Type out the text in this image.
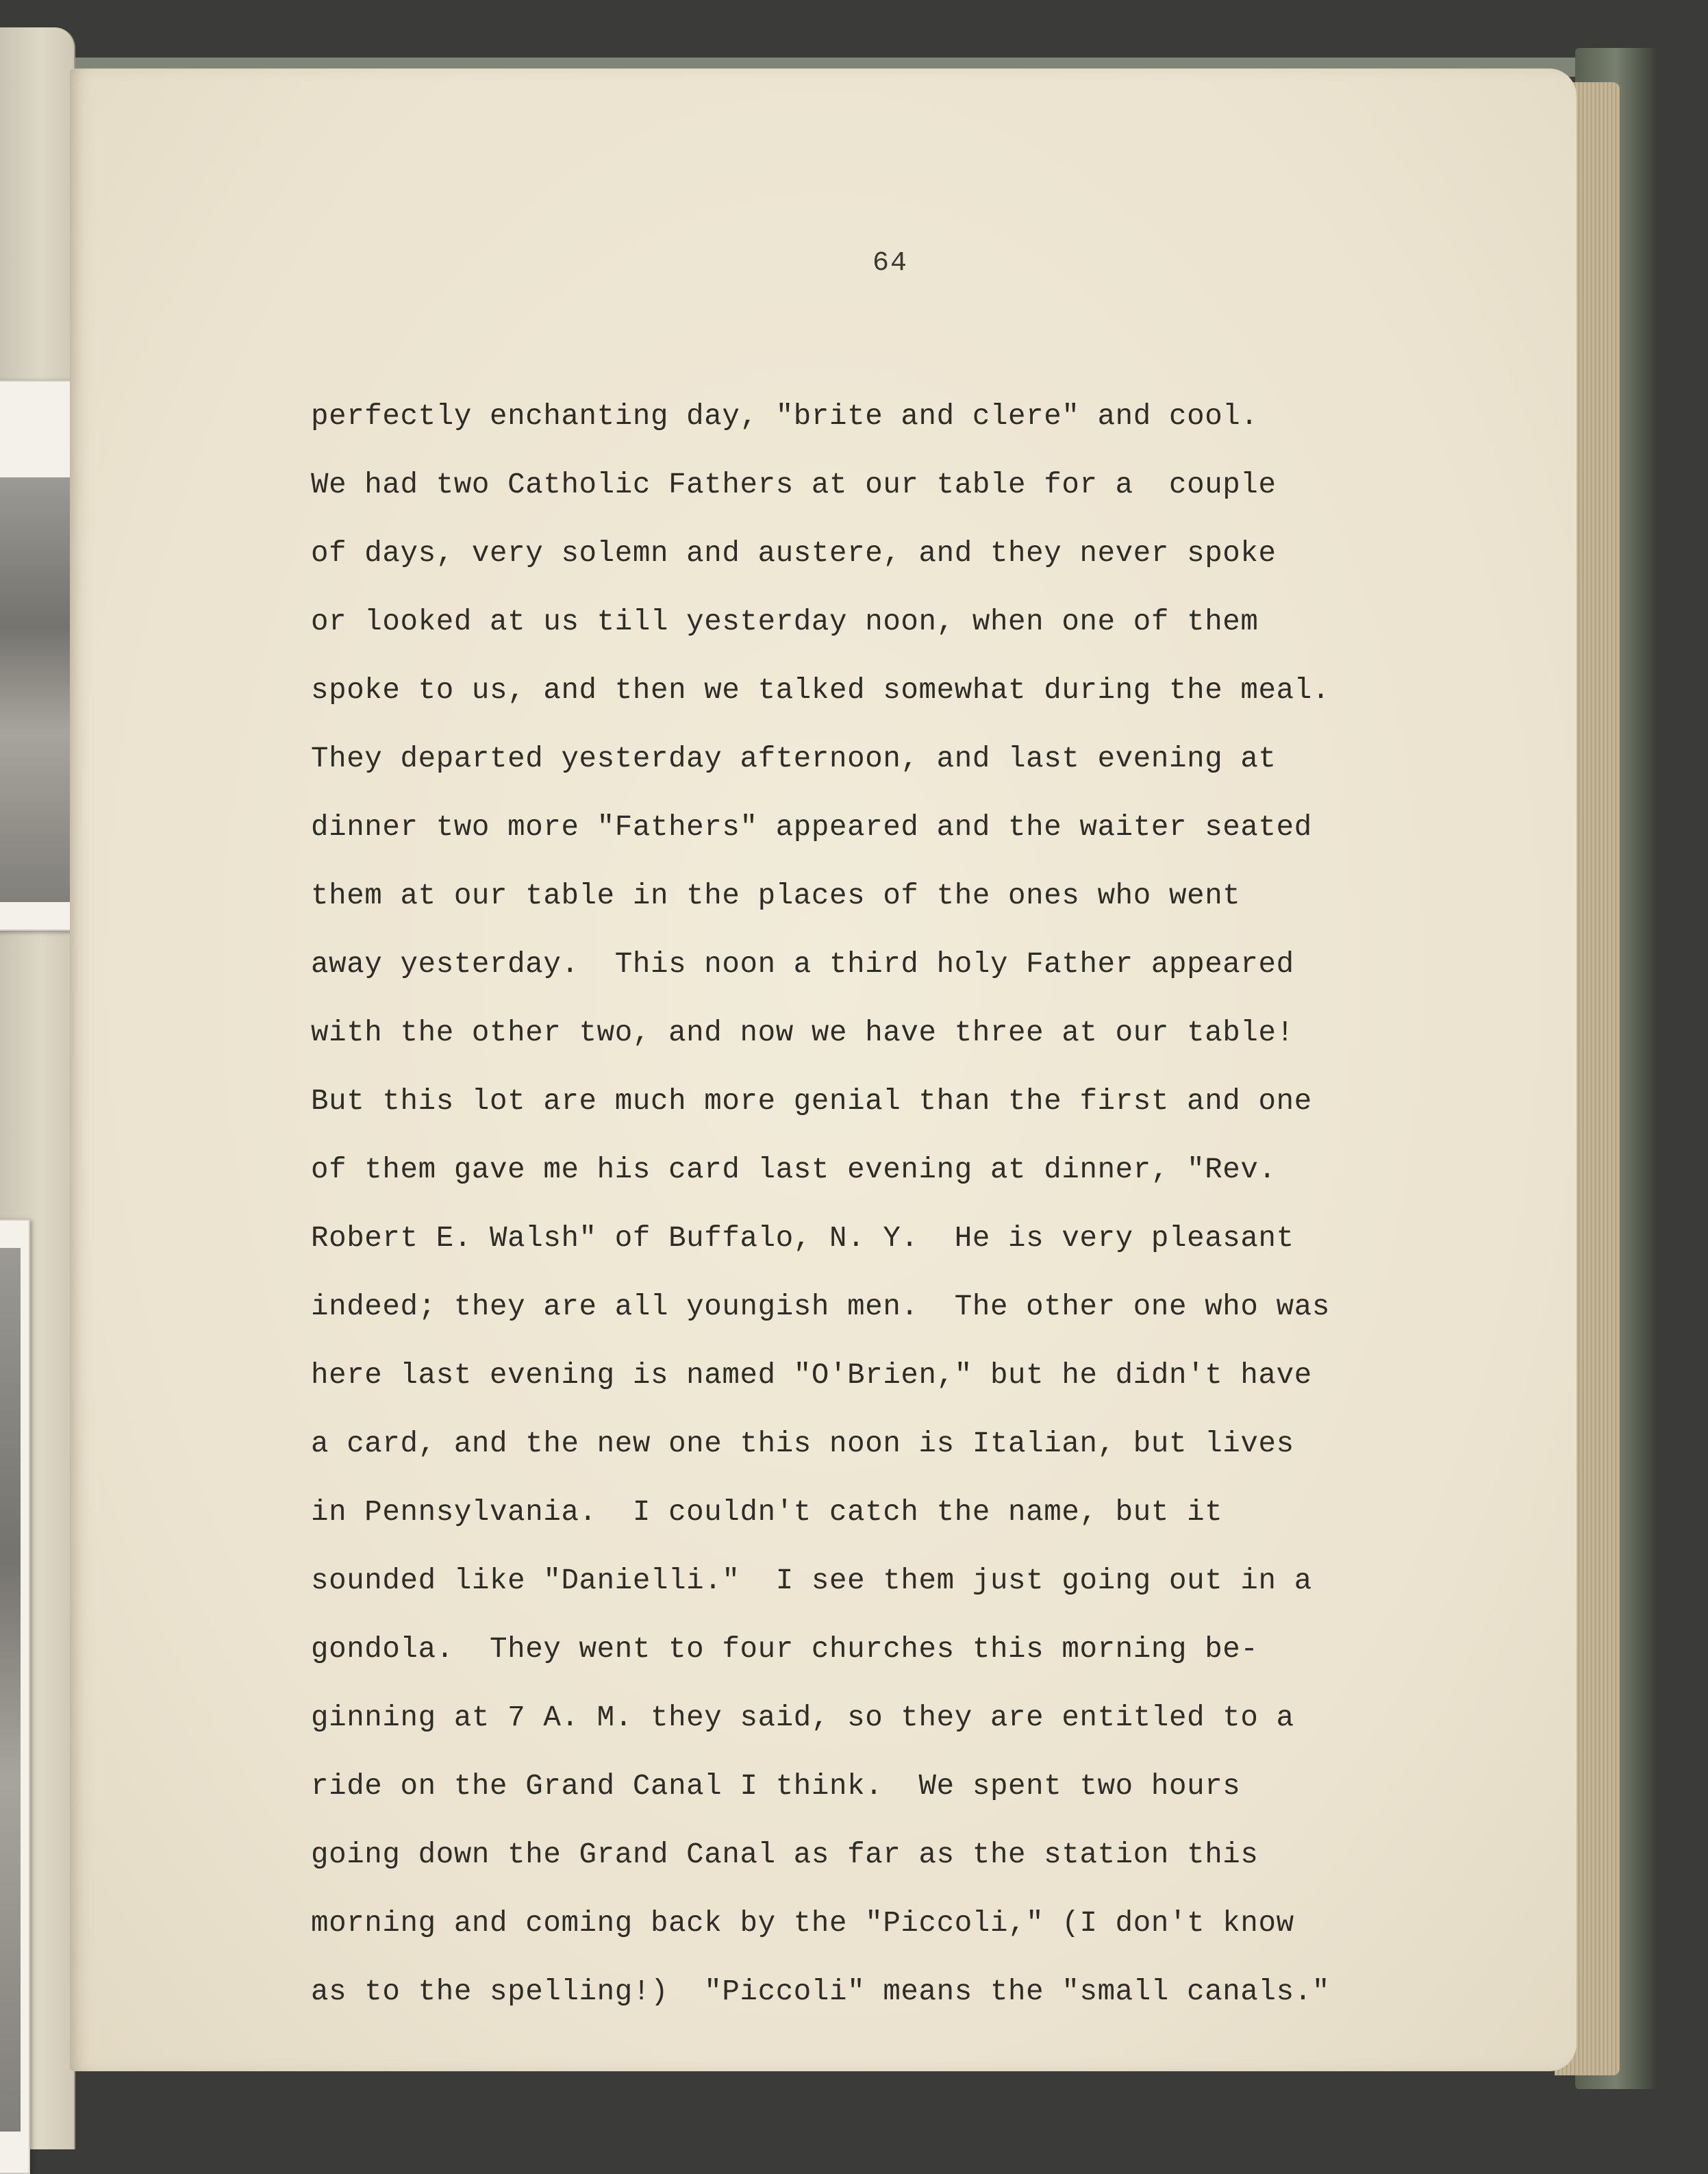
64
perfectly enchanting day, "brite and clere" and cool.
We had two Catholic Fathers at our table for a  couple
of days, very solemn and austere, and they never spoke
or looked at us till yesterday noon, when one of them
spoke to us, and then we talked somewhat during the meal.
They departed yesterday afternoon, and last evening at
dinner two more "Fathers" appeared and the waiter seated
them at our table in the places of the ones who went
away yesterday.  This noon a third holy Father appeared
with the other two, and now we have three at our table!
But this lot are much more genial than the first and one
of them gave me his card last evening at dinner, "Rev.
Robert E. Walsh" of Buffalo, N. Y.  He is very pleasant
indeed; they are all youngish men.  The other one who was
here last evening is named "O'Brien," but he didn't have
a card, and the new one this noon is Italian, but lives
in Pennsylvania.  I couldn't catch the name, but it
sounded like "Danielli."  I see them just going out in a
gondola.  They went to four churches this morning be-
ginning at 7 A. M. they said, so they are entitled to a
ride on the Grand Canal I think.  We spent two hours
going down the Grand Canal as far as the station this
morning and coming back by the "Piccoli," (I don't know
as to the spelling!)  "Piccoli" means the "small canals."
